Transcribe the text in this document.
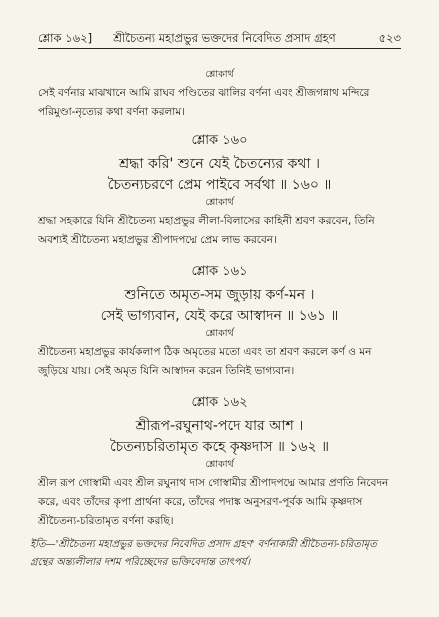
শ্লোক ১৬২]	শ্রীচৈতন্য মহাপ্রভুর ভক্তদের নিবেদিত প্রসাদ গ্রহণ	৫২৩
শ্লোকার্থ
সেই বর্ণনার মাঝখানে আমি রাঘব পণ্ডিতের ঝালির বর্ণনা এবং শ্রীজগন্নাথ মন্দিরে
পরিমুণ্ডা-নৃত্যের কথা বর্ণনা করলাম।
শ্লোক ১৬০
শ্রদ্ধা করি' শুনে যেই চৈতন্যের কথা ।
চৈতন্যচরণে প্রেম পাইবে সর্বথা ॥ ১৬০ ॥
শ্লোকার্থ
শ্রদ্ধা সহকারে যিনি শ্রীচৈতন্য মহাপ্রভুর লীলা-বিলাসের কাহিনী শ্রবণ করবেন, তিনি
অবশ্যই শ্রীচৈতন্য মহাপ্রভুর শ্রীপাদপদ্মে প্রেম লাভ করবেন।
শ্লোক ১৬১
শুনিতে অমৃত-সম জুড়ায় কর্ণ-মন ।
সেই ভাগ্যবান, যেই করে আস্বাদন ॥ ১৬১ ॥
শ্লোকার্থ
শ্রীচৈতন্য মহাপ্রভুর কার্যকলাপ ঠিক অমৃতের মতো এবং তা শ্রবণ করলে কর্ণ ও মন
জুড়িয়ে যায়। সেই অমৃত যিনি আস্বাদন করেন তিনিই ভাগ্যবান।
শ্লোক ১৬২
শ্রীরূপ-রঘুনাথ-পদে যার আশ ।
চৈতন্যচরিতামৃত কহে কৃষ্ণদাস ॥ ১৬২ ॥
শ্লোকার্থ
শ্রীল রূপ গোস্বামী এবং শ্রীল রঘুনাথ দাস গোস্বামীর শ্রীপাদপদ্মে আমার প্রণতি নিবেদন
করে, এবং তাঁদের কৃপা প্রার্থনা করে, তাঁদের পদাঙ্ক অনুসরণ-পূর্বক আমি কৃষ্ণদাস
শ্রীচৈতন্য-চরিতামৃত বর্ণনা করছি।
ইতি—'শ্রীচৈতন্য মহাপ্রভুর ভক্তদের নিবেদিত প্রসাদ গ্রহণ' বর্ণনাকারী শ্রীচৈতন্য-চরিতামৃত
গ্রন্থের অন্ত্যলীলার দশম পরিচ্ছেদের ভক্তিবেদান্ত তাৎপর্য।
